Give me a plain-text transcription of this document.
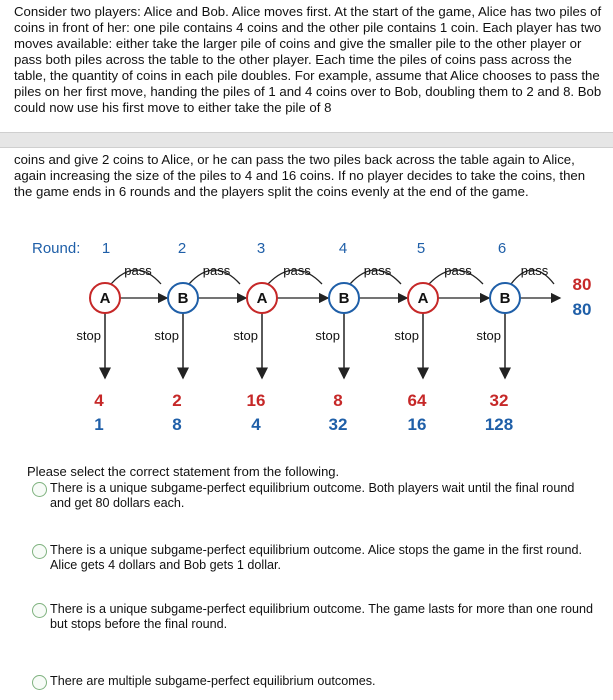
Consider two players: Alice and Bob. Alice moves first. At the start of the game, Alice has two piles of coins in front of her: one pile contains 4 coins and the other pile contains 1 coin. Each player has two moves available: either take the larger pile of coins and give the smaller pile to the other player or pass both piles across the table to the other player. Each time the piles of coins pass across the table, the quantity of coins in each pile doubles. For example, assume that Alice chooses to pass the piles on her first move, handing the piles of 1 and 4 coins over to Bob, doubling them to 2 and 8. Bob could now use his first move to either take the pile of 8
coins and give 2 coins to Alice, or he can pass the two piles back across the table again to Alice, again increasing the size of the piles to 4 and 16 coins. If no player decides to take the coins, then the game ends in 6 rounds and the players split the coins evenly at the end of the game.
Round:	1	2	3	4	5	6
pass
stop
A
4
1
pass
stop
B
2
8
pass
stop
A
16
4
pass
stop
B
8
32
pass
stop
A
64
16
pass
stop
B
32
128
80
80
Please select the correct statement from the following.
There is a unique subgame-perfect equilibrium outcome. Both players wait until the final round and get 80 dollars each.
There is a unique subgame-perfect equilibrium outcome. Alice stops the game in the first round. Alice gets 4 dollars and Bob gets 1 dollar.
There is a unique subgame-perfect equilibrium outcome. The game lasts for more than one round but stops before the final round.
There are multiple subgame-perfect equilibrium outcomes.
